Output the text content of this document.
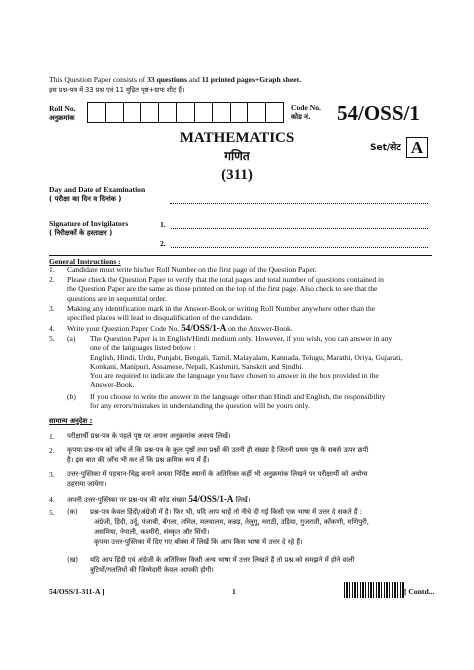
This Question Paper consists of 33 questions and 11 printed pages+Graph sheet.
इस प्रश्न-पत्र में 33 प्रश्न एवं 11 मुद्रित पृष्ठ+ग्राफ शीट हैं।
Roll No.
अनुक्रमांक
Code No.
कोड नं. 54/OSS/1
MATHEMATICS
गणित
(311)
Set/सेट A
Day and Date of Examination
( परीक्षा का दिन व दिनांक )
Signature of Invigilators
( निरीक्षकों के हस्ताक्षर )
1.
2.
General Instructions :
1. Candidate must write his/her Roll Number on the first page of the Question Paper.
2. Please check the Question Paper to verify that the total pages and total number of questions contained in
the Question Paper are the same as those printed on the top of the first page. Also check to see that the
questions are in sequential order.
3. Making any identification mark in the Answer-Book or writing Roll Number anywhere other than the
specified places will lead to disqualification of the candidate.
4. Write your Question Paper Code No. 54/OSS/1-A on the Answer-Book.
5. (a) The Question Paper is in English/Hindi medium only. However, if you wish, you can answer in any
one of the languages listed below :
English, Hindi, Urdu, Punjabi, Bengali, Tamil, Malayalam, Kannada, Telugu, Marathi, Oriya, Gujarati,
Konkani, Manipuri, Assamese, Nepali, Kashmiri, Sanskrit and Sindhi.
You are required to indicate the language you have chosen to answer in the box provided in the
Answer-Book.
(b) If you choose to write the answer in the language other than Hindi and English, the responsibility
for any errors/mistakes in understanding the question will be yours only.
सामान्य अनुदेश :
1. परीक्षार्थी प्रश्न-पत्र के पहले पृष्ठ पर अपना अनुक्रमांक अवश्य लिखें।
2. कृपया प्रश्न-पत्र को जाँच लें कि प्रश्न-पत्र के कुल पृष्ठों तथा प्रश्नों की उतनी ही संख्या है जितनी प्रथम पृष्ठ के सबसे ऊपर छपी
है। इस बात की जाँच भी कर लें कि प्रश्न क्रमिक रूप में हैं।
3. उत्तर-पुस्तिका में पहचान-चिह्न बनाने अथवा निर्दिष्ट स्थानों के अतिरिक्त कहीं भी अनुक्रमांक लिखने पर परीक्षार्थी को अयोग्य
ठहराया जायेगा।
4. अपनी उत्तर-पुस्तिका पर प्रश्न-पत्र की कोड संख्या 54/OSS/1-A लिखें।
5. (क) प्रश्न-पत्र केवल हिंदी/अंग्रेजी में है। फिर भी, यदि आप चाहें तो नीचे दी गई किसी एक भाषा में उत्तर दे सकते हैं :
अंग्रेजी, हिंदी, उर्दू, पंजाबी, बँगला, तमिल, मलयालम, कन्नड़, तेलुगू, मराठी, उड़िया, गुजराती, कोंकणी, मणिपुरी,
असमिया, नेपाली, कश्मीरी, संस्कृत और सिंधी।
कृपया उत्तर-पुस्तिका में दिए गए बॉक्स में लिखें कि आप किस भाषा में उत्तर दे रहे हैं।
(ख) यदि आप हिंदी एवं अंग्रेजी के अतिरिक्त किसी अन्य भाषा में उत्तर लिखते हैं तो प्रश्न को समझने में होने वाली
त्रुटियों/गलतियों की जिम्मेदारी केवल आपकी होगी।
54/OSS/1-311-A ]	1	[ Contd...
